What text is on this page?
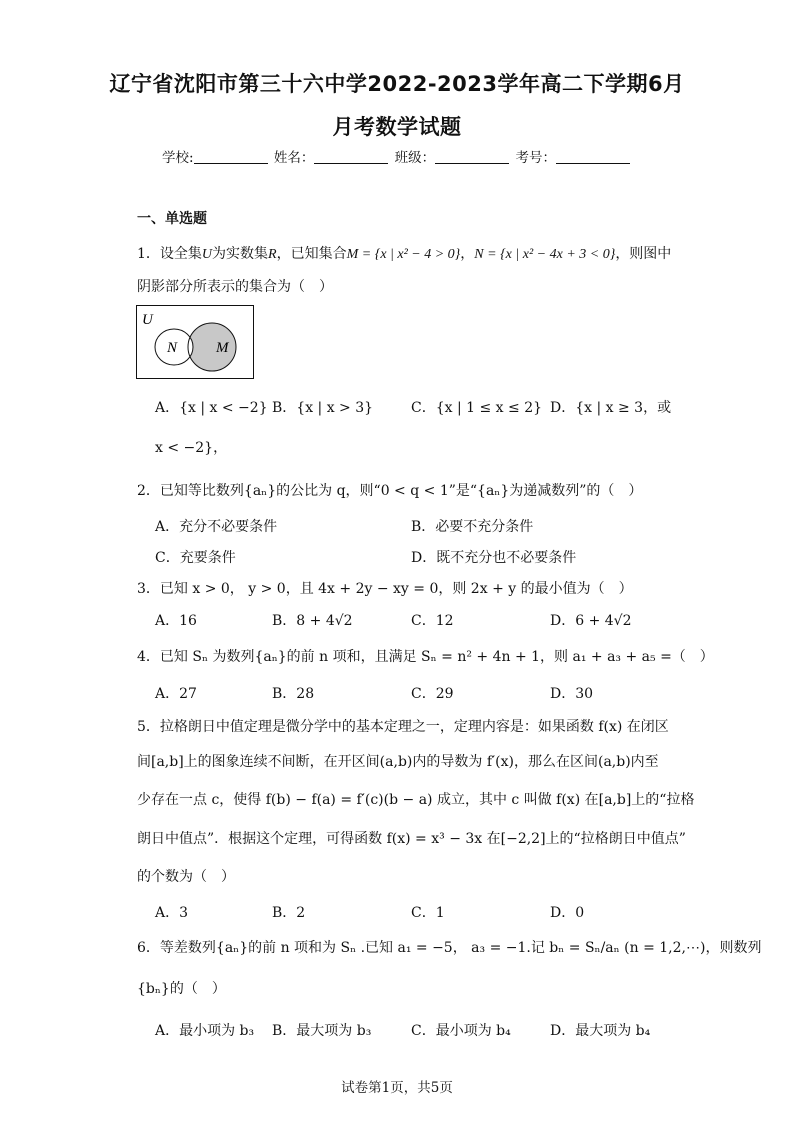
辽宁省沈阳市第三十六中学2022-2023学年高二下学期6月
月考数学试题
学校:	姓名：	班级：	考号：
一、单选题
1．设全集U为实数集R，已知集合M = {x | x² − 4 > 0}，N = {x | x² − 4x + 3 < 0}，则图中
阴影部分所表示的集合为（　）
U
N	M
A．{x | x < −2} B．{x | x > 3}	C．{x | 1 ≤ x ≤ 2} D．{x | x ≥ 3，或
x < −2}，
2．已知等比数列{aₙ}的公比为 q，则“0 < q < 1”是“{aₙ}为递减数列”的（　）
A．充分不必要条件	B．必要不充分条件
C．充要条件	D．既不充分也不必要条件
3．已知 x > 0， y > 0，且 4x + 2y − xy = 0，则 2x + y 的最小值为（　）
A．16	B．8 + 4√2	C．12	D．6 + 4√2
4．已知 Sₙ 为数列{aₙ}的前 n 项和，且满足 Sₙ = n² + 4n + 1，则 a₁ + a₃ + a₅ =（　）
A．27	B．28	C．29	D．30
5．拉格朗日中值定理是微分学中的基本定理之一，定理内容是：如果函数 f(x) 在闭区
间[a,b]上的图象连续不间断，在开区间(a,b)内的导数为 f′(x)，那么在区间(a,b)内至
少存在一点 c，使得 f(b) − f(a) = f′(c)(b − a) 成立，其中 c 叫做 f(x) 在[a,b]上的“拉格
朗日中值点”．根据这个定理，可得函数 f(x) = x³ − 3x 在[−2,2]上的“拉格朗日中值点”
的个数为（　）
A．3	B．2	C．1	D．0
6．等差数列{aₙ}的前 n 项和为 Sₙ .已知 a₁ = −5， a₃ = −1.记 bₙ = Sₙ/aₙ (n = 1,2,⋯)，则数列
{bₙ}的（　）
A．最小项为 b₃ B．最大项为 b₃	C．最小项为 b₄	D．最大项为 b₄
试卷第1页，共5页
